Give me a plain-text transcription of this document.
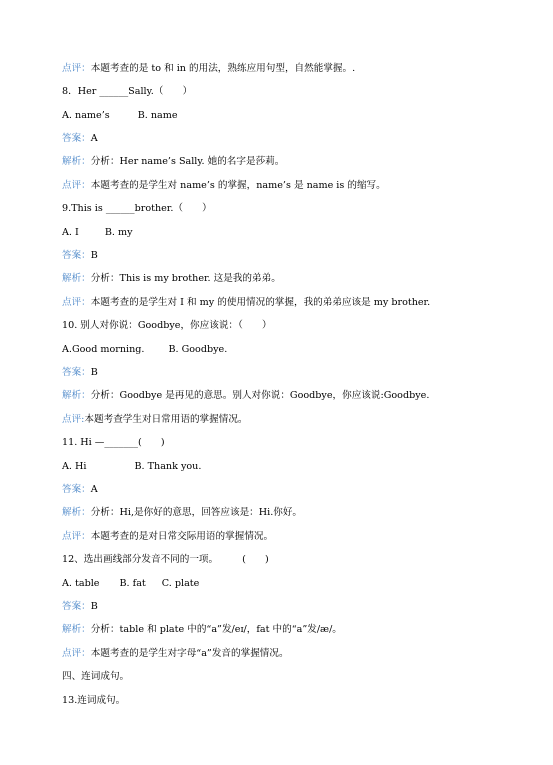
点评：本题考查的是 to 和 in 的用法，熟练应用句型，自然能掌握。.
8．Her ______Sally.（　　）
A. name’s	B. name
答案：A
解析：分析：Her name’s Sally. 她的名字是莎莉。
点评：本题考查的是学生对 name’s 的掌握，name’s 是 name is 的缩写。
9.This is ______brother.（　　）
A. I	B. my
答案：B
解析：分析：This is my brother. 这是我的弟弟。
点评：本题考查的是学生对 I 和 my 的使用情况的掌握，我的弟弟应该是 my brother.
10. 别人对你说：Goodbye，你应该说：（　　）
A.Good morning.	B. Goodbye.
答案：B
解析：分析：Goodbye 是再见的意思。别人对你说：Goodbye，你应该说:Goodbye.
点评:本题考查学生对日常用语的掌握情况。
11. Hi —_______(　　)
A. Hi	B. Thank you.
答案：A
解析：分析：Hi,是你好的意思，回答应该是：Hi.你好。
点评：本题考查的是对日常交际用语的掌握情况。
12、选出画线部分发音不同的一项。　　　(　　)
A. table B. fat C. plate
答案：B
解析：分析：table 和 plate 中的“a”发/eɪ/，fat 中的“a”发/æ/。
点评：本题考查的是学生对字母“a”发音的掌握情况。
四、连词成句。
13.连词成句。
